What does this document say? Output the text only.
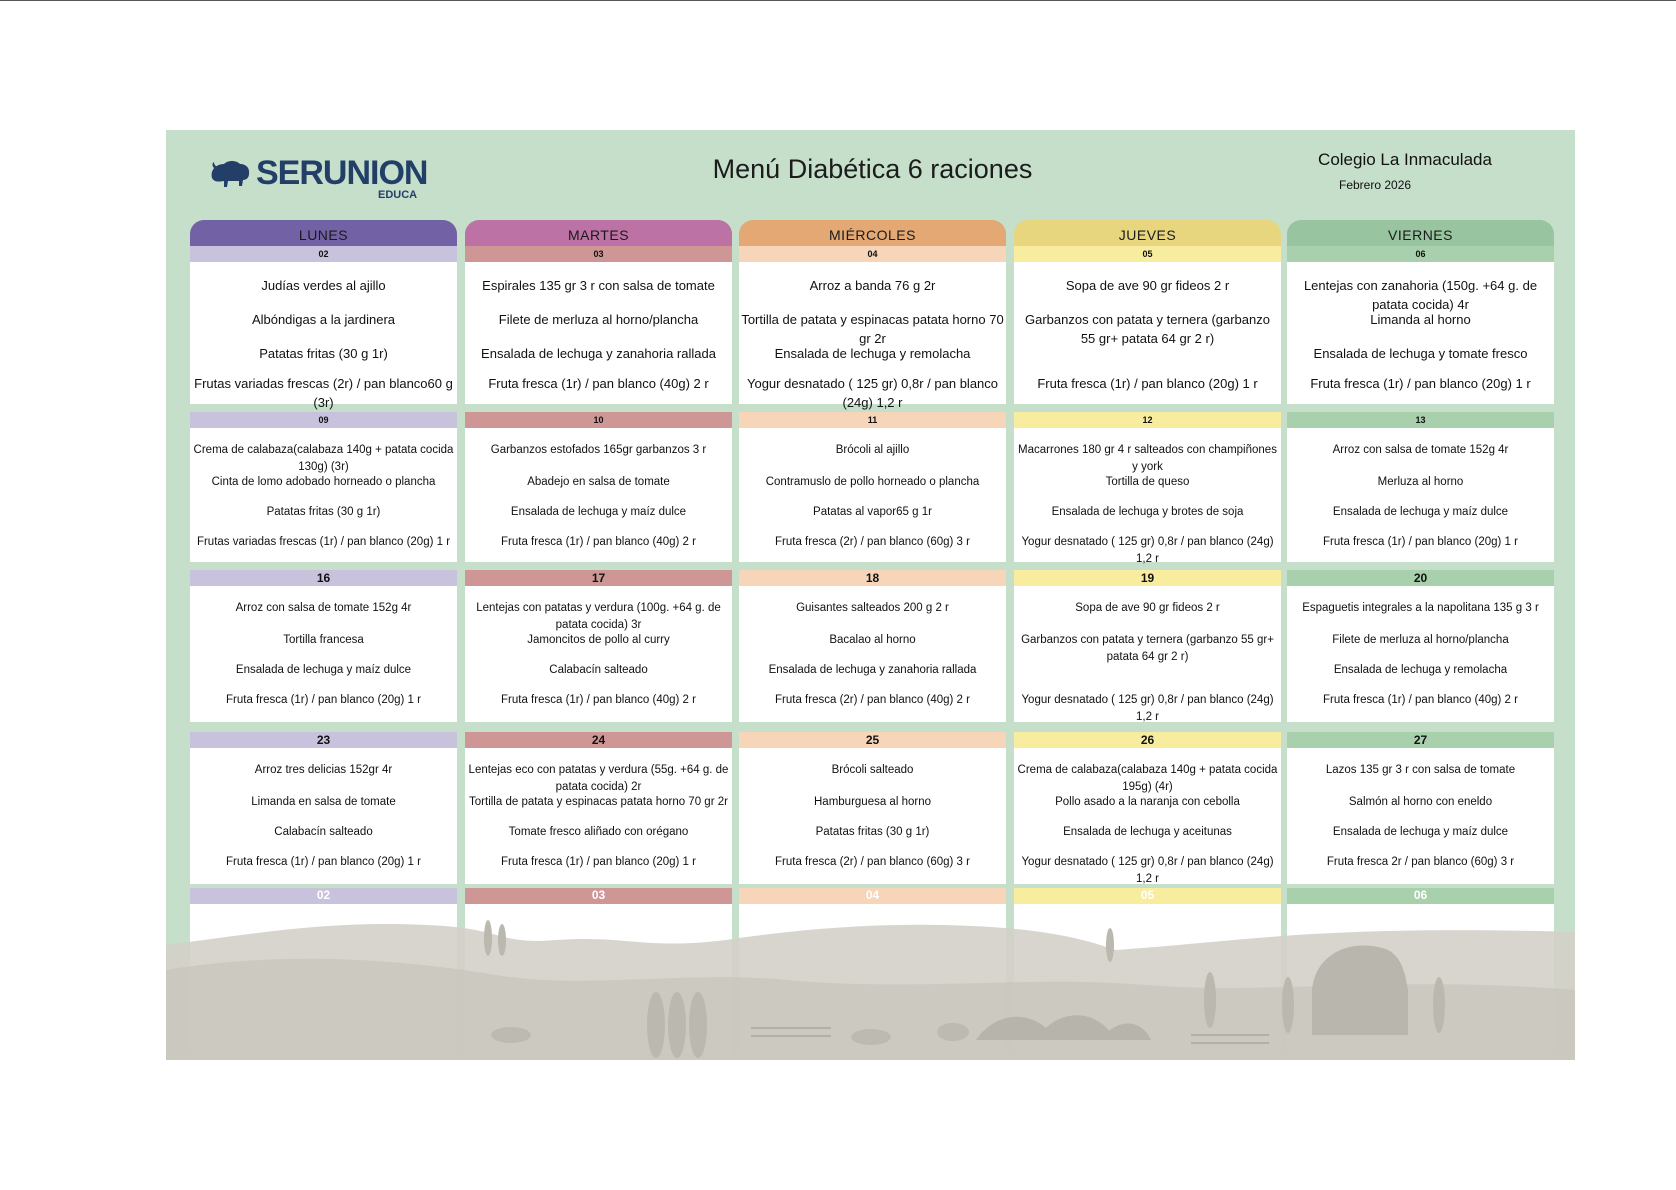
SERUNION
EDUCA
Menú Diabética 6 raciones	Colegio La Inmaculada
Febrero 2026
LUNES
02
Judías verdes al ajillo
Albóndigas a la jardinera
Patatas fritas (30 g 1r)
Frutas variadas frescas (2r) / pan blanco60 g (3r)
09
Crema de calabaza(calabaza 140g + patata cocida 130g) (3r)
Cinta de lomo adobado horneado o plancha
Patatas fritas (30 g 1r)
Frutas variadas frescas (1r) / pan blanco (20g) 1 r
16
Arroz con salsa de tomate 152g 4r
Tortilla francesa
Ensalada de lechuga y maíz dulce
Fruta fresca (1r) / pan blanco (20g) 1 r
23
Arroz tres delicias 152gr 4r
Limanda en salsa de tomate
Calabacín salteado
Fruta fresca (1r) / pan blanco (20g) 1 r
02
MARTES
03
Espirales 135 gr 3 r con salsa de tomate
Filete de merluza al horno/plancha
Ensalada de lechuga y zanahoria rallada
Fruta fresca (1r) / pan blanco (40g) 2 r
10
Garbanzos estofados 165gr garbanzos 3 r
Abadejo en salsa de tomate
Ensalada de lechuga y maíz dulce
Fruta fresca (1r) / pan blanco (40g) 2 r
17
Lentejas con patatas y verdura (100g. +64 g. de patata cocida) 3r
Jamoncitos de pollo al curry
Calabacín salteado
Fruta fresca (1r) / pan blanco (40g) 2 r
24
Lentejas eco con patatas y verdura (55g. +64 g. de patata cocida) 2r
Tortilla de patata y espinacas patata horno 70 gr 2r
Tomate fresco aliñado con orégano
Fruta fresca (1r) / pan blanco (20g) 1 r
03
MIÉRCOLES
04
Arroz a banda 76 g 2r
Tortilla de patata y espinacas patata horno 70 gr 2r
Ensalada de lechuga y remolacha
Yogur desnatado ( 125 gr) 0,8r / pan blanco (24g) 1,2 r
11
Brócoli al ajillo
Contramuslo de pollo horneado o plancha
Patatas al vapor65 g 1r
Fruta fresca (2r) / pan blanco (60g) 3 r
18
Guisantes salteados 200 g 2 r
Bacalao al horno
Ensalada de lechuga y zanahoria rallada
Fruta fresca (2r) / pan blanco (40g) 2 r
25
Brócoli salteado
Hamburguesa al horno
Patatas fritas (30 g 1r)
Fruta fresca (2r) / pan blanco (60g) 3 r
04
JUEVES
05
Sopa de ave 90 gr fideos 2 r
Garbanzos con patata y ternera (garbanzo 55 gr+ patata 64 gr 2 r)
Fruta fresca (1r) / pan blanco (20g) 1 r
12
Macarrones 180 gr 4 r salteados con champiñones y york
Tortilla de queso
Ensalada de lechuga y brotes de soja
Yogur desnatado ( 125 gr) 0,8r / pan blanco (24g) 1,2 r
19
Sopa de ave 90 gr fideos 2 r
Garbanzos con patata y ternera (garbanzo 55 gr+ patata 64 gr 2 r)
Yogur desnatado ( 125 gr) 0,8r / pan blanco (24g) 1,2 r
26
Crema de calabaza(calabaza 140g + patata cocida 195g) (4r)
Pollo asado a la naranja con cebolla
Ensalada de lechuga y aceitunas
Yogur desnatado ( 125 gr) 0,8r / pan blanco (24g) 1,2 r
05
VIERNES
06
Lentejas con zanahoria (150g. +64 g. de patata cocida) 4r
Limanda al horno
Ensalada de lechuga y tomate fresco
Fruta fresca (1r) / pan blanco (20g) 1 r
13
Arroz con salsa de tomate 152g 4r
Merluza al horno
Ensalada de lechuga y maíz dulce
Fruta fresca (1r) / pan blanco (20g) 1 r
20
Espaguetis integrales a la napolitana 135 g 3 r
Filete de merluza al horno/plancha
Ensalada de lechuga y remolacha
Fruta fresca (1r) / pan blanco (40g) 2 r
27
Lazos 135 gr 3 r con salsa de tomate
Salmón al horno con eneldo
Ensalada de lechuga y maíz dulce
Fruta fresca 2r / pan blanco (60g) 3 r
06
